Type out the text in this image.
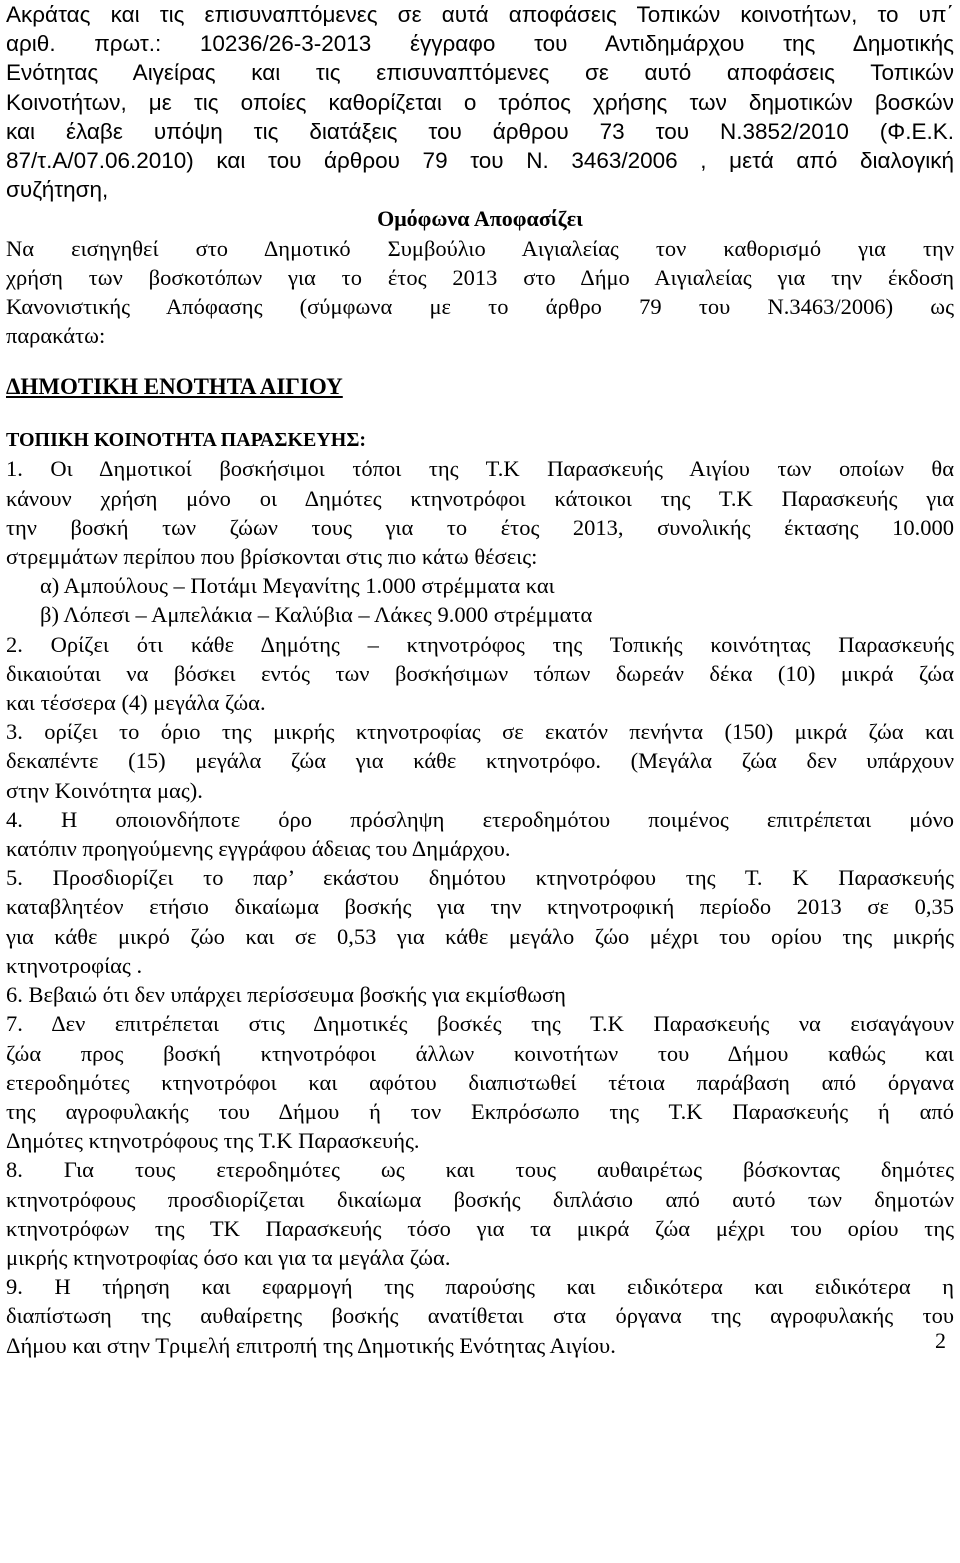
Ακράτας και τις επισυναπτόμενες σε αυτά αποφάσεις Τοπικών κοινοτήτων, το υπ΄
αριθ. πρωτ.: 10236/26-3-2013 έγγραφο του Αντιδημάρχου της Δημοτικής
Ενότητας Αιγείρας και τις επισυναπτόμενες σε αυτό αποφάσεις Τοπικών
Κοινοτήτων, με τις οποίες καθορίζεται ο τρόπος χρήσης των δημοτικών βοσκών
και έλαβε υπόψη τις διατάξεις του άρθρου 73 του Ν.3852/2010 (Φ.Ε.Κ.
87/τ.Α/07.06.2010) και του άρθρου 79 του Ν. 3463/2006 , μετά από διαλογική
συζήτηση,
Ομόφωνα Αποφασίζει
Να εισηγηθεί στο Δημοτικό Συμβούλιο Αιγιαλείας τον καθορισμό για την
χρήση των βοσκοτόπων για το έτος 2013 στο Δήμο Αιγιαλείας για την έκδοση
Κανονιστικής Απόφασης (σύμφωνα με το άρθρο 79 του Ν.3463/2006) ως
παρακάτω:
ΔΗΜΟΤΙΚΗ ΕΝΟΤΗΤΑ ΑΙΓΙΟΥ
ΤΟΠΙΚΗ ΚΟΙΝΟΤΗΤΑ ΠΑΡΑΣΚΕΥΗΣ:
1. Οι Δημοτικοί βοσκήσιμοι τόποι της Τ.Κ Παρασκευής Αιγίου των οποίων θα
κάνουν χρήση μόνο οι Δημότες κτηνοτρόφοι κάτοικοι της Τ.Κ Παρασκευής για
την βοσκή των ζώων τους για το έτος 2013, συνολικής έκτασης 10.000
στρεμμάτων περίπου που βρίσκονται στις πιο κάτω θέσεις:
α) Αμπούλους – Ποτάμι Μεγανίτης 1.000 στρέμματα και
β) Λόπεσι – Αμπελάκια – Καλύβια – Λάκες 9.000 στρέμματα
2. Ορίζει ότι κάθε Δημότης – κτηνοτρόφος της Τοπικής κοινότητας Παρασκευής
δικαιούται να βόσκει εντός των βοσκήσιμων τόπων δωρεάν δέκα (10) μικρά ζώα
και τέσσερα (4) μεγάλα ζώα.
3. ορίζει το όριο της μικρής κτηνοτροφίας σε εκατόν πενήντα (150) μικρά ζώα και
δεκαπέντε (15) μεγάλα ζώα για κάθε κτηνοτρόφο. (Μεγάλα ζώα δεν υπάρχουν
στην Κοινότητα μας).
4. Η οποιονδήποτε όρο πρόσληψη ετεροδημότου ποιμένος επιτρέπεται μόνο
κατόπιν προηγούμενης εγγράφου άδειας του Δημάρχου.
5. Προσδιορίζει το παρ’ εκάστου δημότου κτηνοτρόφου της Τ. Κ Παρασκευής
καταβλητέον ετήσιο δικαίωμα βοσκής για την κτηνοτροφική περίοδο 2013 σε 0,35
για κάθε μικρό ζώο και σε 0,53 για κάθε μεγάλο ζώο μέχρι του ορίου της μικρής
κτηνοτροφίας .
6. Βεβαιώ ότι δεν υπάρχει περίσσευμα βοσκής για εκμίσθωση
7. Δεν επιτρέπεται στις Δημοτικές βοσκές της Τ.Κ Παρασκευής να εισαγάγουν
ζώα προς βοσκή κτηνοτρόφοι άλλων κοινοτήτων του Δήμου καθώς και
ετεροδημότες κτηνοτρόφοι και αφότου διαπιστωθεί τέτοια παράβαση από όργανα
της αγροφυλακής του Δήμου ή τον Εκπρόσωπο της Τ.Κ Παρασκευής ή από
Δημότες κτηνοτρόφους της Τ.Κ Παρασκευής.
8. Για τους ετεροδημότες ως και τους αυθαιρέτως βόσκοντας δημότες
κτηνοτρόφους προσδιορίζεται δικαίωμα βοσκής διπλάσιο από αυτό των δημοτών
κτηνοτρόφων της ΤΚ Παρασκευής τόσο για τα μικρά ζώα μέχρι του ορίου της
μικρής κτηνοτροφίας όσο και για τα μεγάλα ζώα.
9. Η τήρηση και εφαρμογή της παρούσης και ειδικότερα και ειδικότερα η
διαπίστωση της αυθαίρετης βοσκής ανατίθεται στα όργανα της αγροφυλακής του
Δήμου και στην Τριμελή επιτροπή της Δημοτικής Ενότητας Αιγίου.	2
